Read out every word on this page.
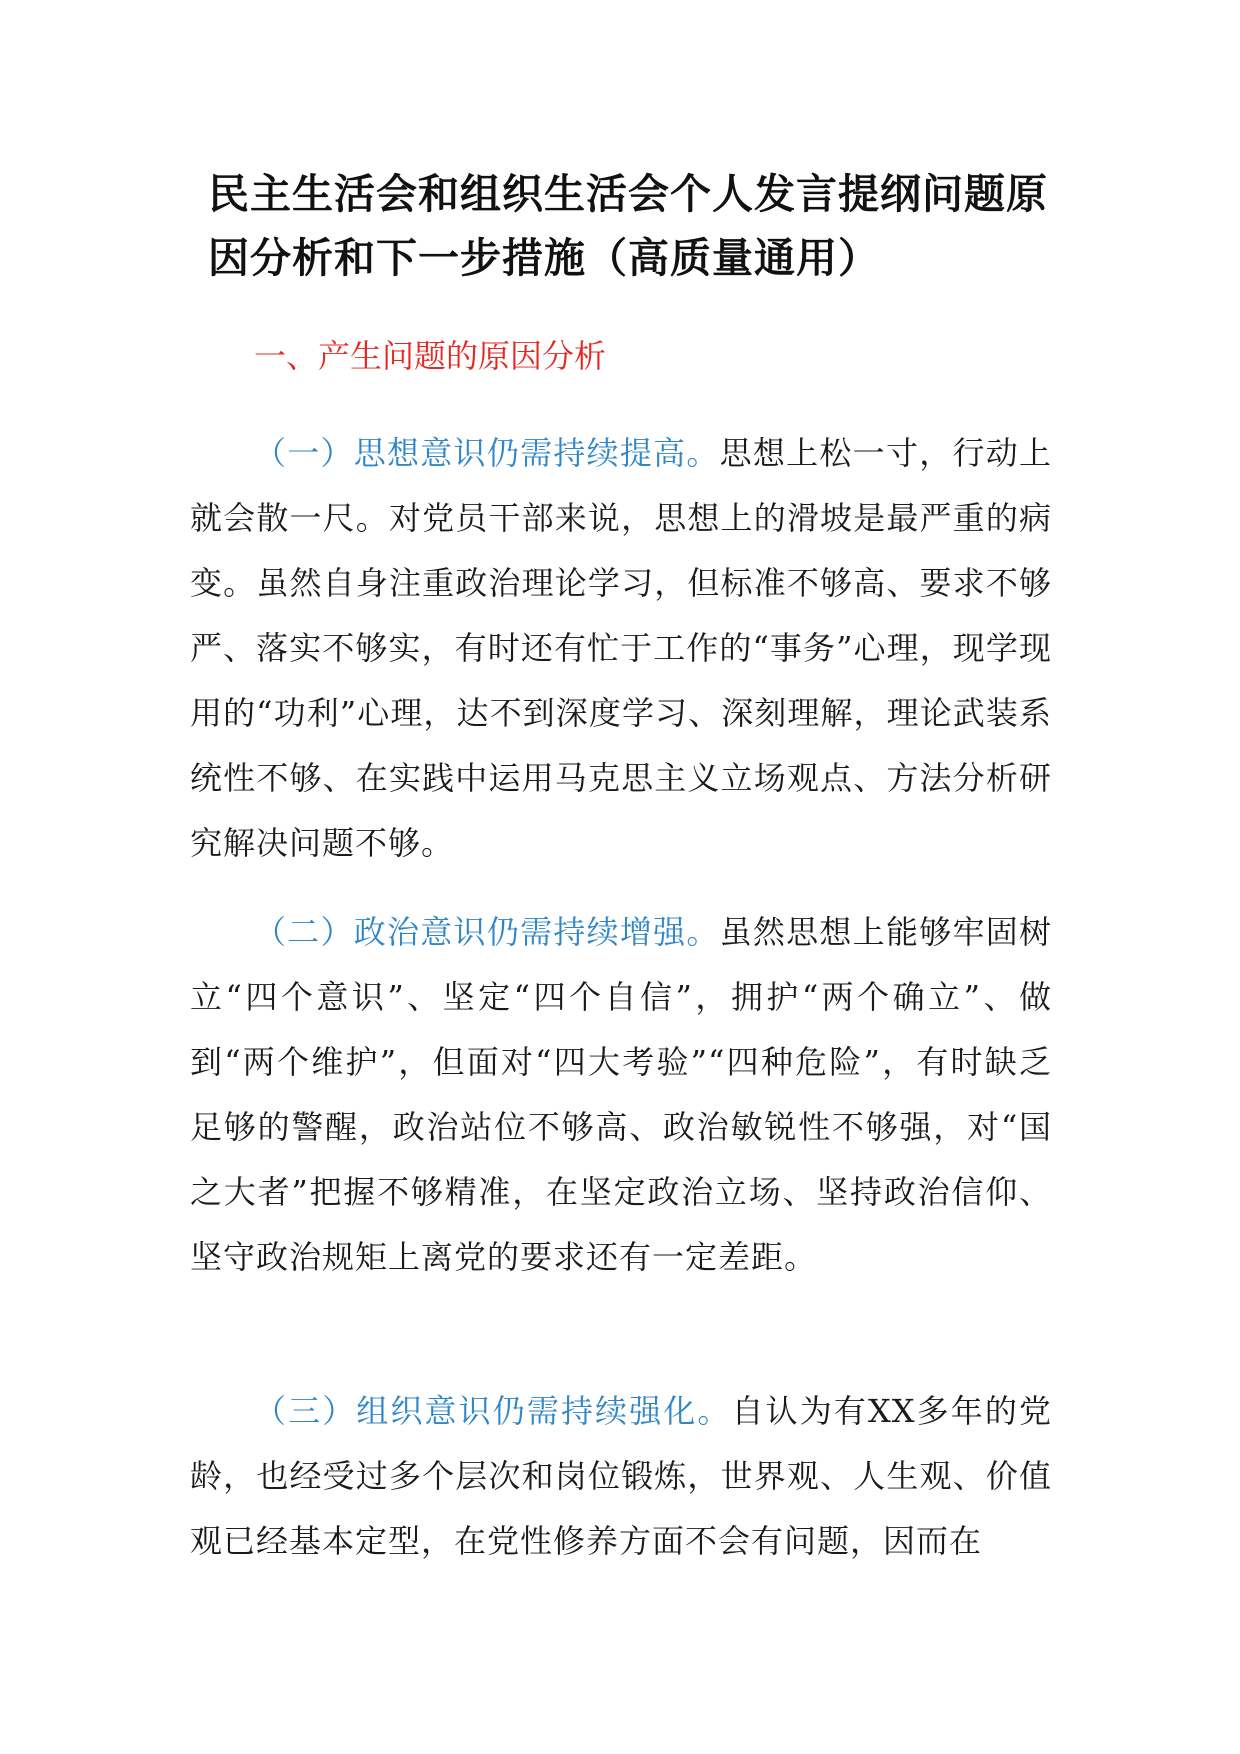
民主生活会和组织生活会个人发言提纲问题原因分析和下一步措施（高质量通用）
一、产生问题的原因分析

（一）思想意识仍需持续提高。思想上松一寸，行动上就会散一尺。对党员干部来说，思想上的滑坡是最严重的病变。虽然自身注重政治理论学习，但标准不够高、要求不够严、落实不够实，有时还有忙于工作的“事务”心理，现学现用的“功利”心理，达不到深度学习、深刻理解，理论武装系统性不够、在实践中运用马克思主义立场观点、方法分析研究解决问题不够。

（二）政治意识仍需持续增强。虽然思想上能够牢固树立“四个意识”、坚定“四个自信”，拥护“两个确立”、做到“两个维护”，但面对“四大考验”“四种危险”，有时缺乏足够的警醒，政治站位不够高、政治敏锐性不够强，对“国之大者”把握不够精准，在坚定政治立场、坚持政治信仰、坚守政治规矩上离党的要求还有一定差距。

（三）组织意识仍需持续强化。自认为有XX多年的党龄，也经受过多个层次和岗位锻炼，世界观、人生观、价值观已经基本定型，在党性修养方面不会有问题，因而在
